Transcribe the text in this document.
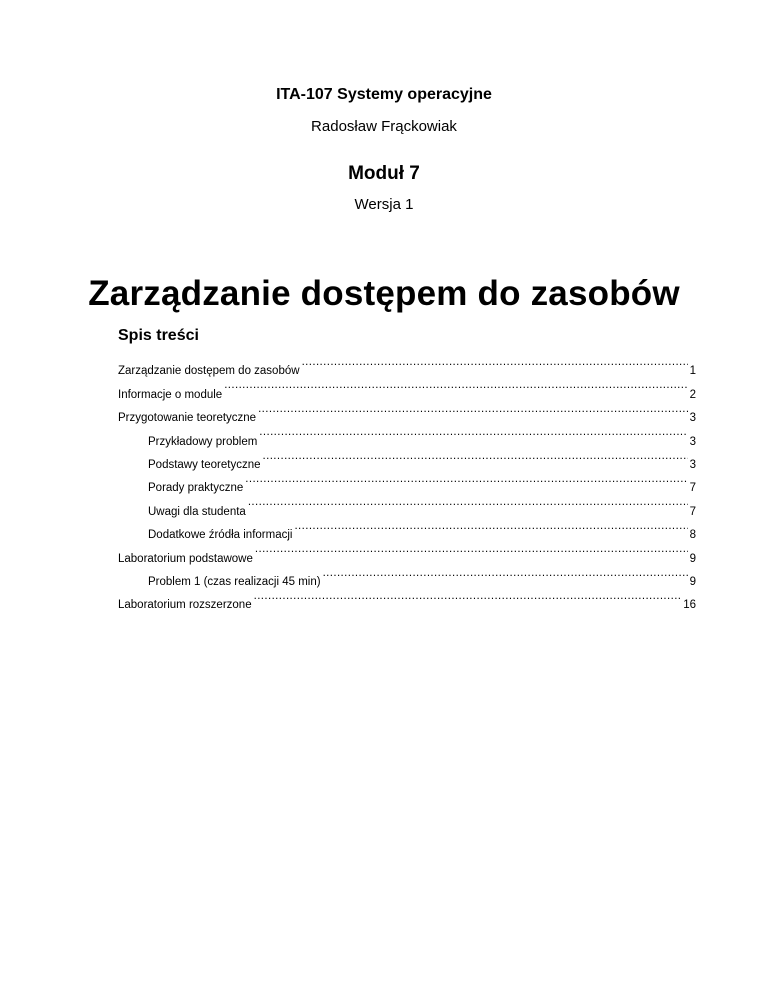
ITA-107 Systemy operacyjne
Radosław Frąckowiak
Moduł 7
Wersja 1
Zarządzanie dostępem do zasobów
Spis treści
Zarządzanie dostępem do zasobów .....	1
Informacje o module .....	2
Przygotowanie teoretyczne .....	3
Przykładowy problem .....	3
Podstawy teoretyczne .....	3
Porady praktyczne .....	7
Uwagi dla studenta .....	7
Dodatkowe źródła informacji .....	8
Laboratorium podstawowe .....	9
Problem 1 (czas realizacji 45 min) .....	9
Laboratorium rozszerzone .....	16
